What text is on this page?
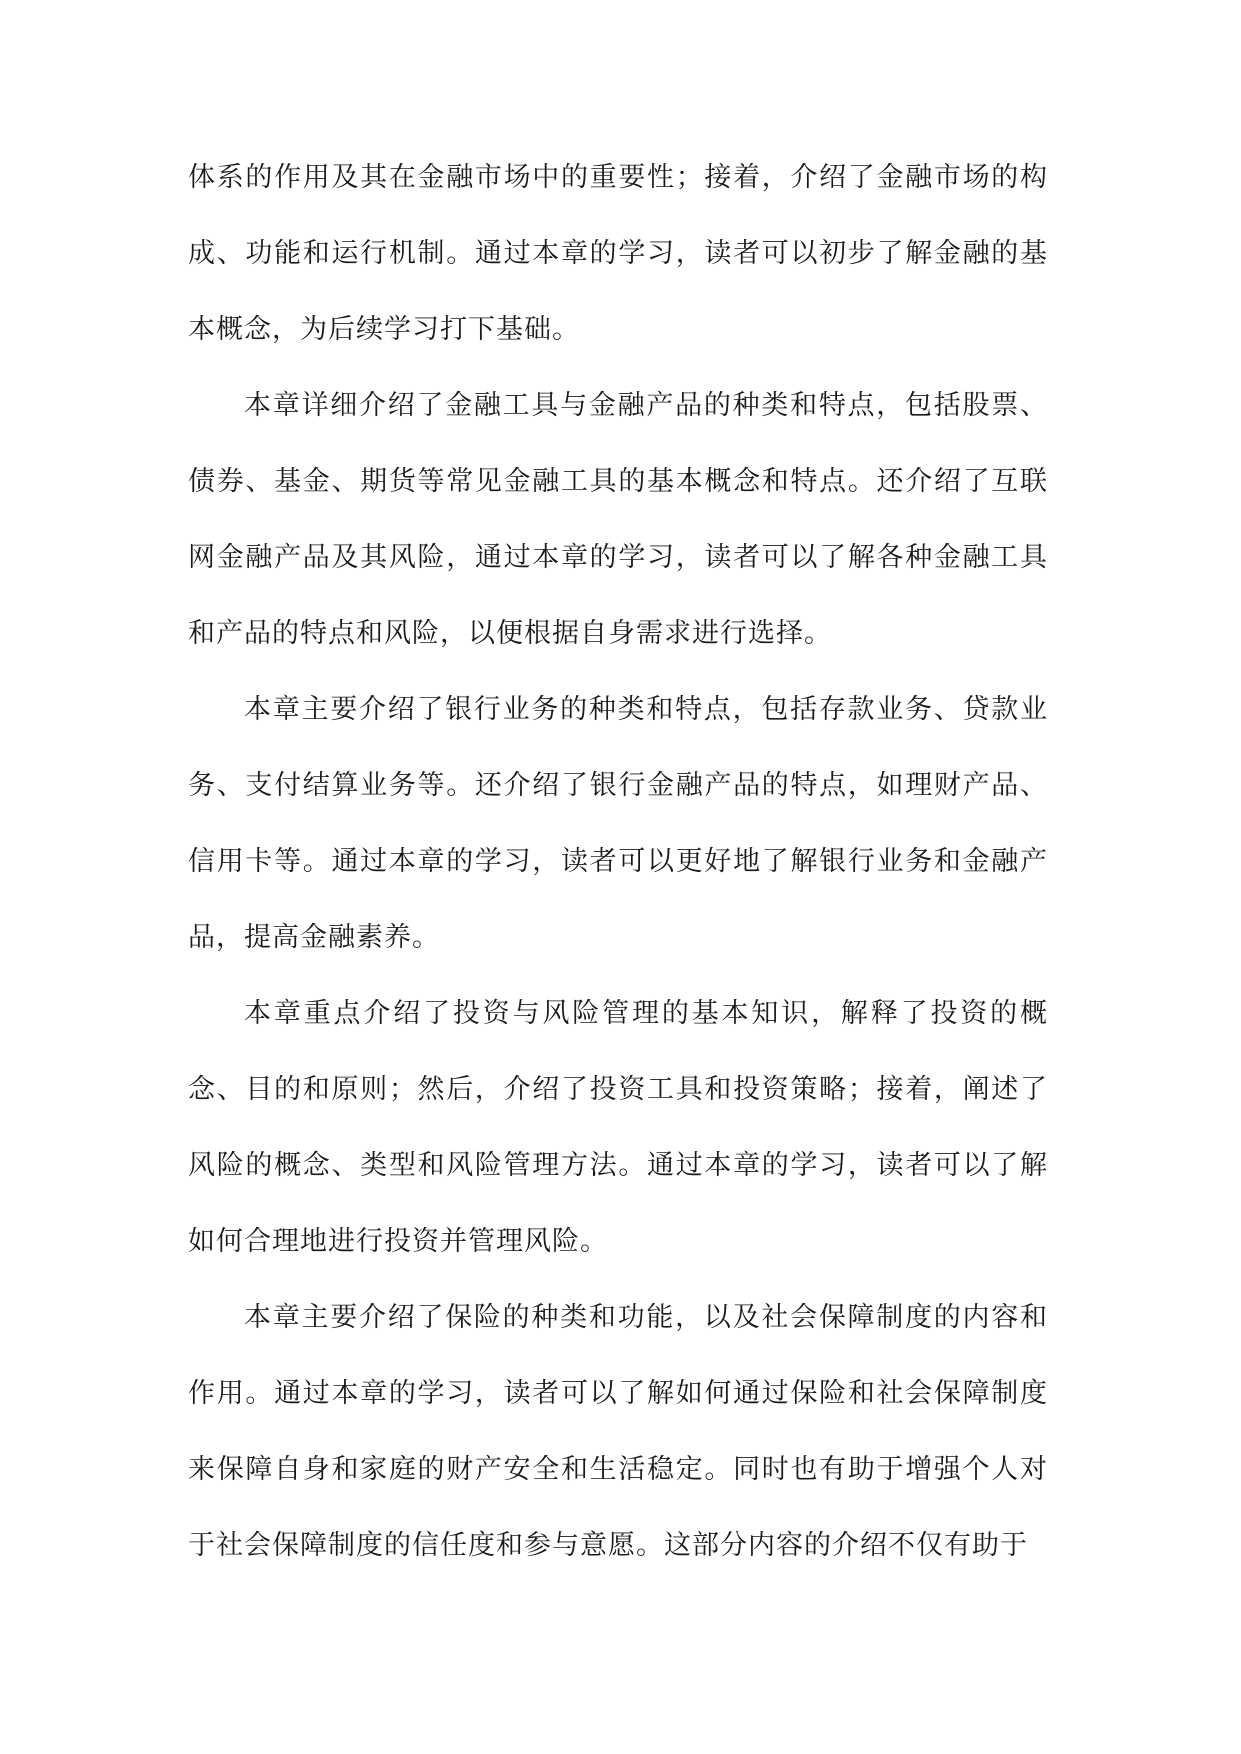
体系的作用及其在金融市场中的重要性；接着，介绍了金融市场的构成、功能和运行机制。通过本章的学习，读者可以初步了解金融的基本概念，为后续学习打下基础。

本章详细介绍了金融工具与金融产品的种类和特点，包括股票、债券、基金、期货等常见金融工具的基本概念和特点。还介绍了互联网金融产品及其风险，通过本章的学习，读者可以了解各种金融工具和产品的特点和风险，以便根据自身需求进行选择。

本章主要介绍了银行业务的种类和特点，包括存款业务、贷款业务、支付结算业务等。还介绍了银行金融产品的特点，如理财产品、信用卡等。通过本章的学习，读者可以更好地了解银行业务和金融产品，提高金融素养。

本章重点介绍了投资与风险管理的基本知识，解释了投资的概念、目的和原则；然后，介绍了投资工具和投资策略；接着，阐述了风险的概念、类型和风险管理方法。通过本章的学习，读者可以了解如何合理地进行投资并管理风险。

本章主要介绍了保险的种类和功能，以及社会保障制度的内容和作用。通过本章的学习，读者可以了解如何通过保险和社会保障制度来保障自身和家庭的财产安全和生活稳定。同时也有助于增强个人对于社会保障制度的信任度和参与意愿。这部分内容的介绍不仅有助于
